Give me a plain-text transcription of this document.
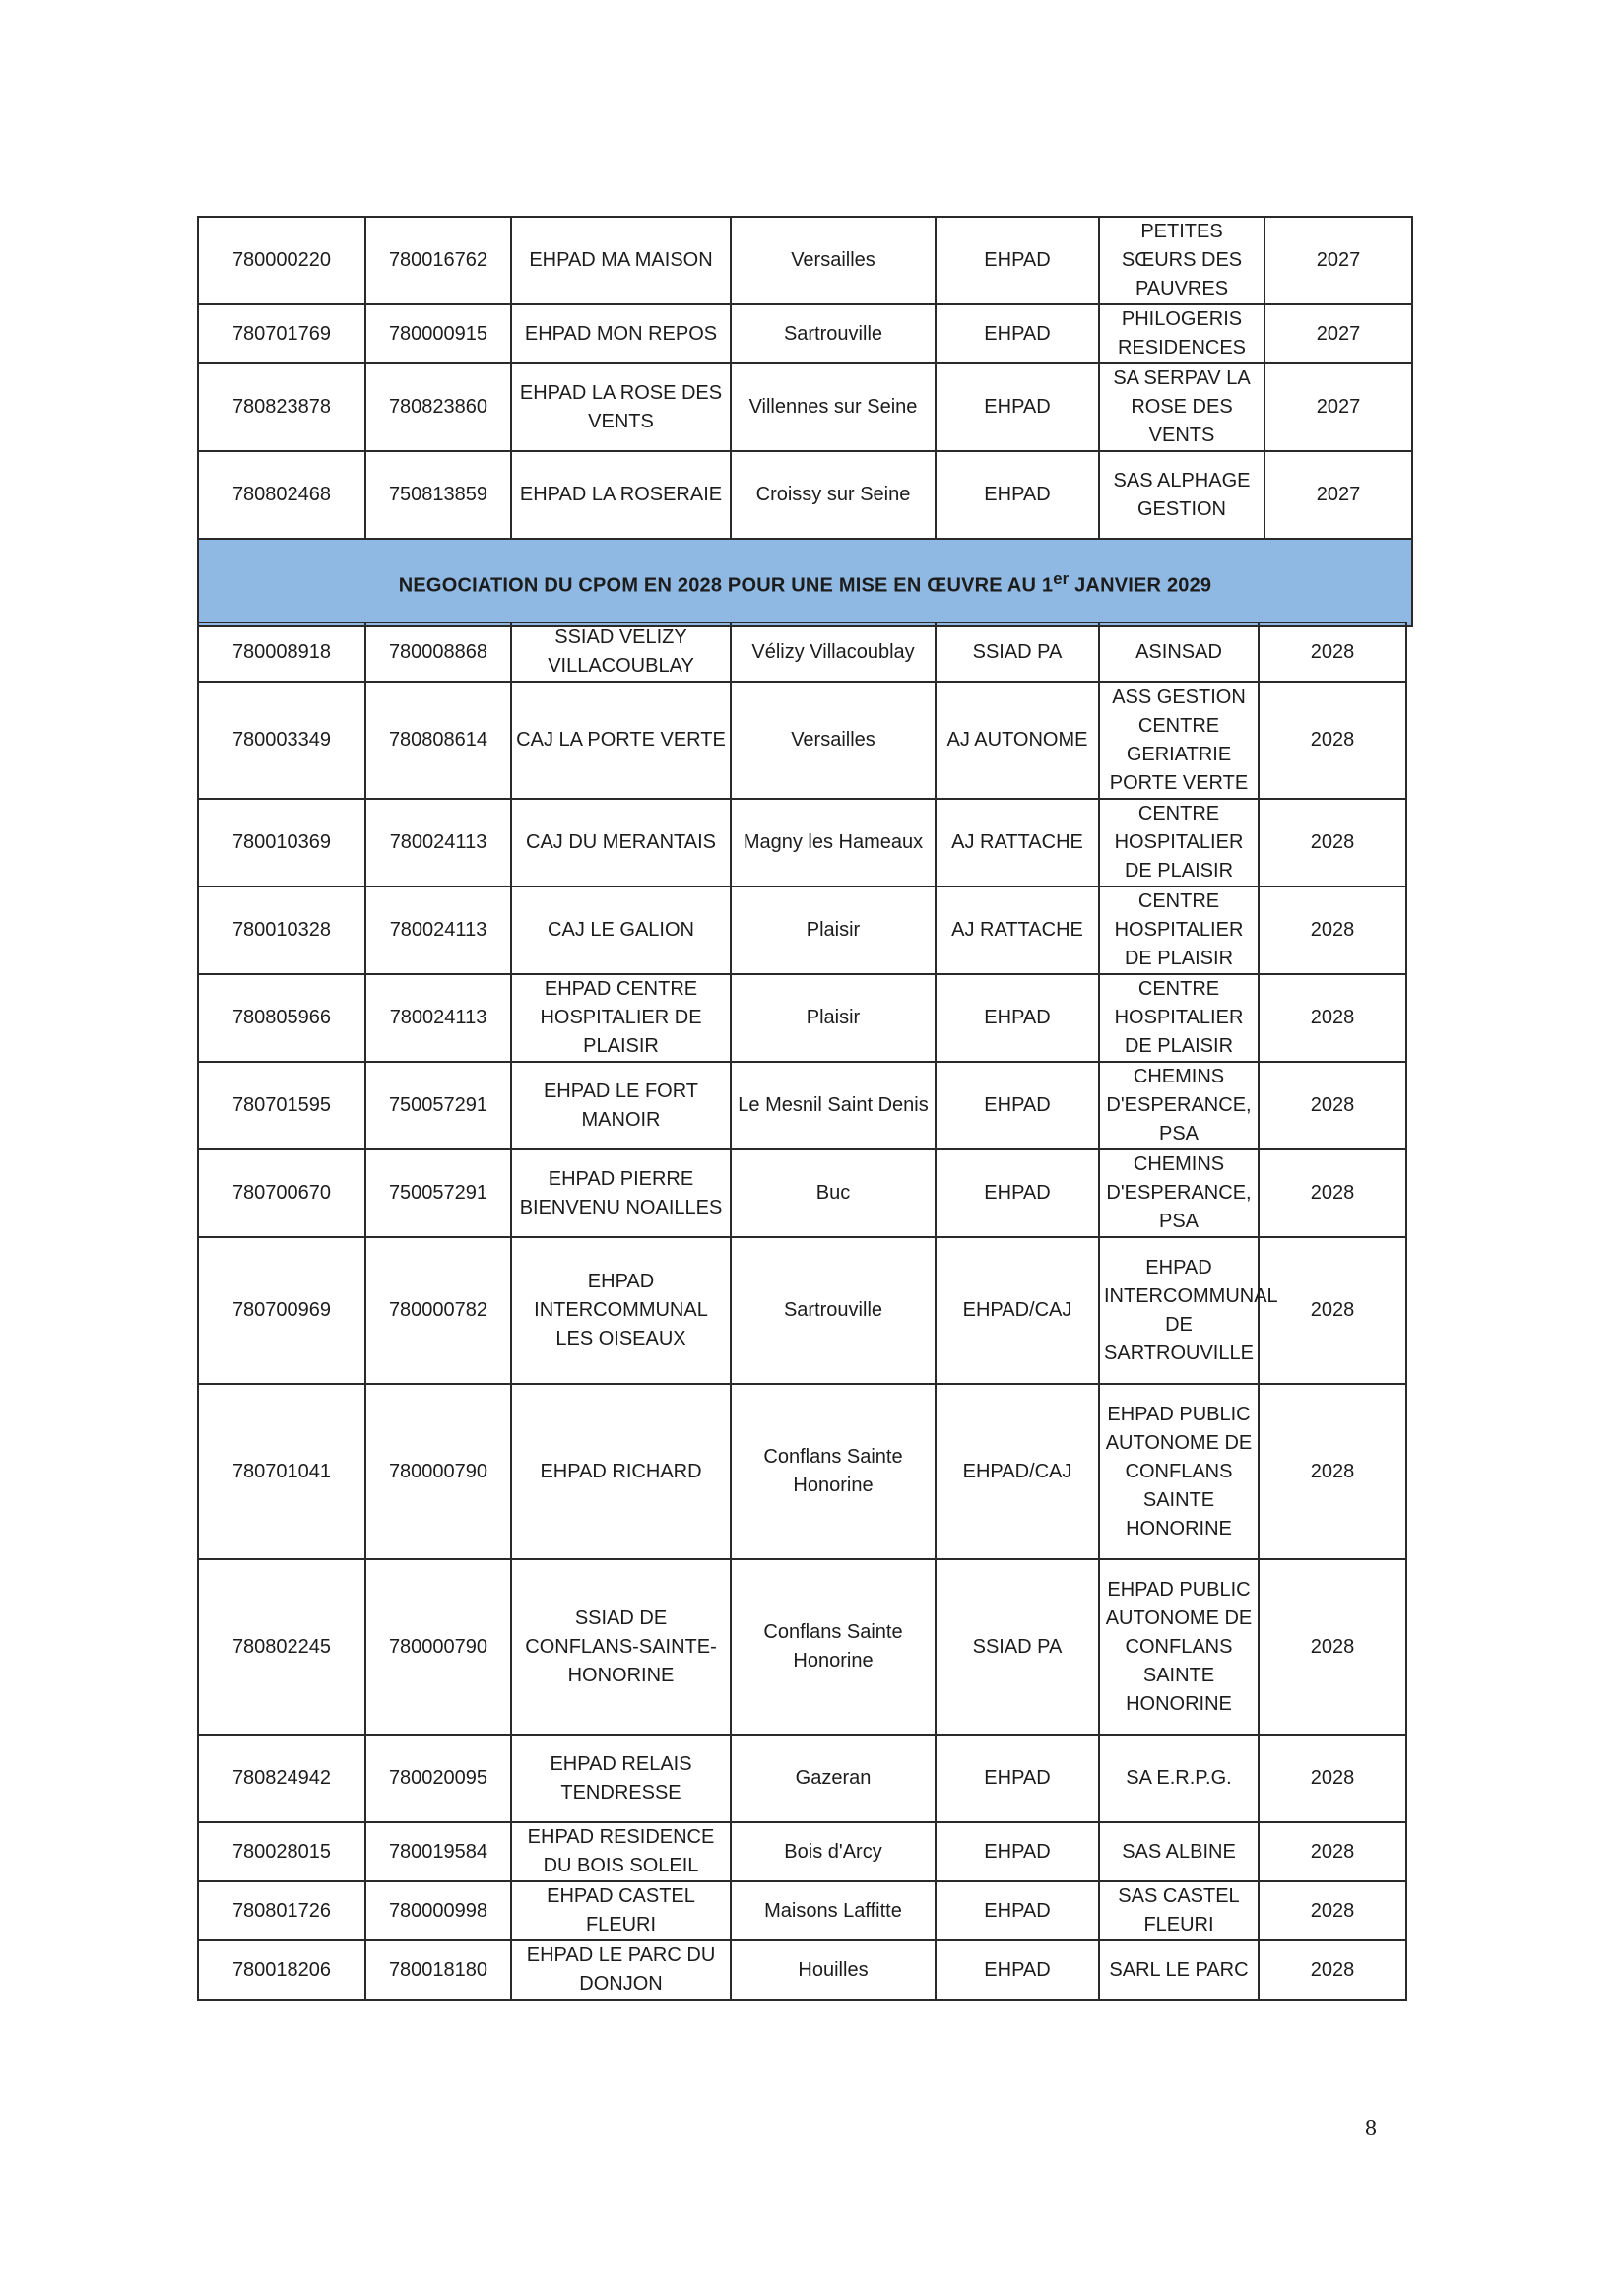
780000220	780016762	EHPAD MA MAISON	Versailles	EHPAD	PETITES SŒURS DES PAUVRES	2027
780701769	780000915	EHPAD MON REPOS	Sartrouville	EHPAD	PHILOGERIS RESIDENCES	2027
780823878	780823860	EHPAD LA ROSE DES VENTS	Villennes sur Seine	EHPAD	SA SERPAV LA ROSE DES VENTS	2027
780802468	750813859	EHPAD LA ROSERAIE	Croissy sur Seine	EHPAD	SAS ALPHAGE GESTION	2027
NEGOCIATION DU CPOM EN 2028 POUR UNE MISE EN ŒUVRE AU 1er JANVIER 2029						
780008918	780008868	SSIAD VELIZY VILLACOUBLAY	Vélizy Villacoublay	SSIAD PA	ASINSAD	2028
780003349	780808614	CAJ LA PORTE VERTE	Versailles	AJ AUTONOME	ASS GESTION CENTRE GERIATRIE PORTE VERTE	2028
780010369	780024113	CAJ DU MERANTAIS	Magny les Hameaux	AJ RATTACHE	CENTRE HOSPITALIER DE PLAISIR	2028
780010328	780024113	CAJ LE GALION	Plaisir	AJ RATTACHE	CENTRE HOSPITALIER DE PLAISIR	2028
780805966	780024113	EHPAD CENTRE HOSPITALIER DE PLAISIR	Plaisir	EHPAD	CENTRE HOSPITALIER DE PLAISIR	2028
780701595	750057291	EHPAD LE FORT MANOIR	Le Mesnil Saint Denis	EHPAD	CHEMINS D'ESPERANCE, PSA	2028
780700670	750057291	EHPAD PIERRE BIENVENU NOAILLES	Buc	EHPAD	CHEMINS D'ESPERANCE, PSA	2028
780700969	780000782	EHPAD INTERCOMMUNAL LES OISEAUX	Sartrouville	EHPAD/CAJ	EHPAD INTERCOMMUNAL DE SARTROUVILLE	2028
780701041	780000790	EHPAD RICHARD	Conflans Sainte Honorine	EHPAD/CAJ	EHPAD PUBLIC AUTONOME DE CONFLANS SAINTE HONORINE	2028
780802245	780000790	SSIAD DE CONFLANS-SAINTE-HONORINE	Conflans Sainte Honorine	SSIAD PA	EHPAD PUBLIC AUTONOME DE CONFLANS SAINTE HONORINE	2028
780824942	780020095	EHPAD RELAIS TENDRESSE	Gazeran	EHPAD	SA E.R.P.G.	2028
780028015	780019584	EHPAD RESIDENCE DU BOIS SOLEIL	Bois d'Arcy	EHPAD	SAS ALBINE	2028
780801726	780000998	EHPAD CASTEL FLEURI	Maisons Laffitte	EHPAD	SAS CASTEL FLEURI	2028
780018206	780018180	EHPAD LE PARC DU DONJON	Houilles	EHPAD	SARL LE PARC	2028
8
